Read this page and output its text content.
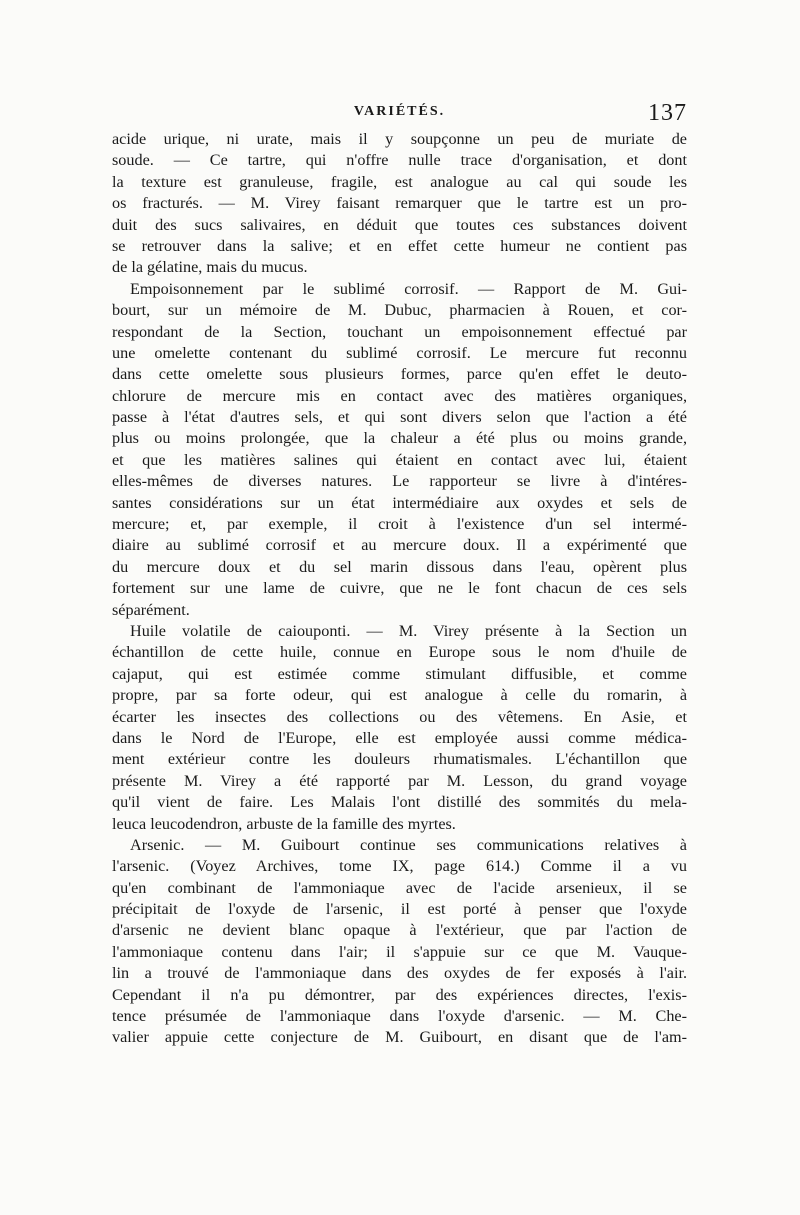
VARIÉTÉS.	137
acide urique, ni urate, mais il y soupçonne un peu de muriate de
soude. — Ce tartre, qui n'offre nulle trace d'organisation, et dont
la texture est granuleuse, fragile, est analogue au cal qui soude les
os fracturés. — M. Virey faisant remarquer que le tartre est un pro-
duit des sucs salivaires, en déduit que toutes ces substances doivent
se retrouver dans la salive; et en effet cette humeur ne contient pas
de la gélatine, mais du mucus.
Empoisonnement par le sublimé corrosif. — Rapport de M. Gui-
bourt, sur un mémoire de M. Dubuc, pharmacien à Rouen, et cor-
respondant de la Section, touchant un empoisonnement effectué par
une omelette contenant du sublimé corrosif. Le mercure fut reconnu
dans cette omelette sous plusieurs formes, parce qu'en effet le deuto-
chlorure de mercure mis en contact avec des matières organiques,
passe à l'état d'autres sels, et qui sont divers selon que l'action a été
plus ou moins prolongée, que la chaleur a été plus ou moins grande,
et que les matières salines qui étaient en contact avec lui, étaient
elles-mêmes de diverses natures. Le rapporteur se livre à d'intéres-
santes considérations sur un état intermédiaire aux oxydes et sels de
mercure; et, par exemple, il croit à l'existence d'un sel intermé-
diaire au sublimé corrosif et au mercure doux. Il a expérimenté que
du mercure doux et du sel marin dissous dans l'eau, opèrent plus
fortement sur une lame de cuivre, que ne le font chacun de ces sels
séparément.
Huile volatile de caiouponti. — M. Virey présente à la Section un
échantillon de cette huile, connue en Europe sous le nom d'huile de
cajaput, qui est estimée comme stimulant diffusible, et comme
propre, par sa forte odeur, qui est analogue à celle du romarin, à
écarter les insectes des collections ou des vêtemens. En Asie, et
dans le Nord de l'Europe, elle est employée aussi comme médica-
ment extérieur contre les douleurs rhumatismales. L'échantillon que
présente M. Virey a été rapporté par M. Lesson, du grand voyage
qu'il vient de faire. Les Malais l'ont distillé des sommités du mela-
leuca leucodendron, arbuste de la famille des myrtes.
Arsenic. — M. Guibourt continue ses communications relatives à
l'arsenic. (Voyez Archives, tome IX, page 614.) Comme il a vu
qu'en combinant de l'ammoniaque avec de l'acide arsenieux, il se
précipitait de l'oxyde de l'arsenic, il est porté à penser que l'oxyde
d'arsenic ne devient blanc opaque à l'extérieur, que par l'action de
l'ammoniaque contenu dans l'air; il s'appuie sur ce que M. Vauque-
lin a trouvé de l'ammoniaque dans des oxydes de fer exposés à l'air.
Cependant il n'a pu démontrer, par des expériences directes, l'exis-
tence présumée de l'ammoniaque dans l'oxyde d'arsenic. — M. Che-
valier appuie cette conjecture de M. Guibourt, en disant que de l'am-
